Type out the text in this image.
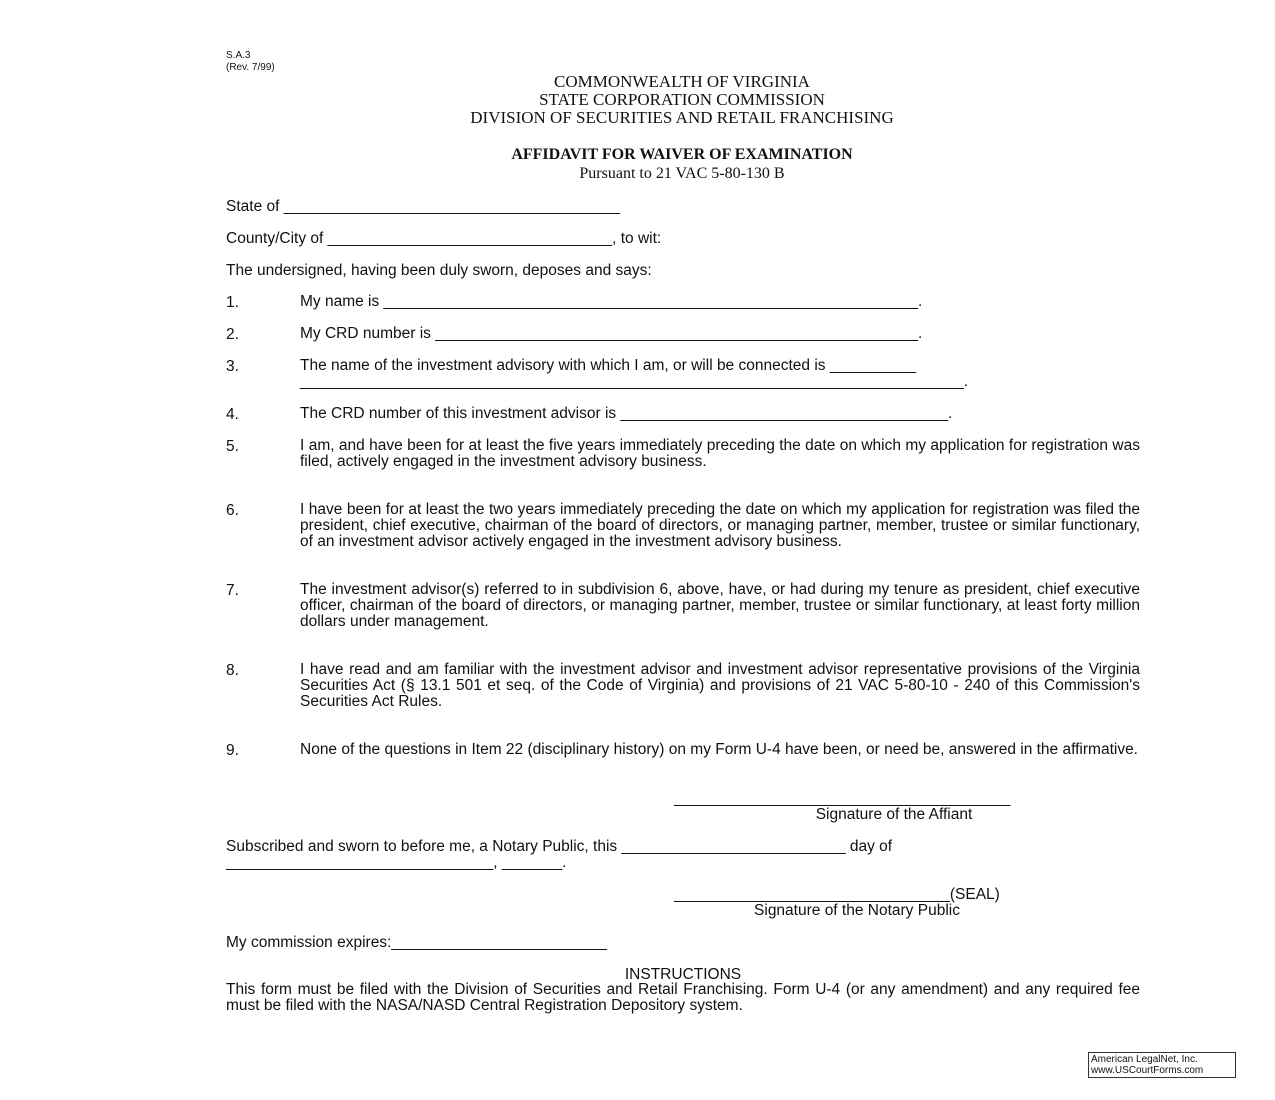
S.A.3
(Rev. 7/99)
COMMONWEALTH OF VIRGINIA
STATE CORPORATION COMMISSION
DIVISION OF SECURITIES AND RETAIL FRANCHISING
AFFIDAVIT FOR WAIVER OF EXAMINATION
Pursuant to 21 VAC 5-80-130 B
State of _______________________________________
County/City of _________________________________, to wit:
The undersigned, having been duly sworn, deposes and says:
1.	My name is ______________________________________________________________.
2.	My CRD number is ________________________________________________________.
3.	The name of the investment advisory with which I am, or will be connected is __________
_____________________________________________________________________________.
4.	The CRD number of this investment advisor is ______________________________________.
5.	I am, and have been for at least the five years immediately preceding the date on which my application for registration was filed, actively engaged in the investment advisory business.
6.	I have been for at least the two years immediately preceding the date on which my application for registration was filed the president, chief executive, chairman of the board of directors, or managing partner, member, trustee or similar functionary, of an investment advisor actively engaged in the investment advisory business.
7.	The investment advisor(s) referred to in subdivision 6, above, have, or had during my tenure as president, chief executive officer, chairman of the board of directors, or managing partner, member, trustee or similar functionary, at least forty million dollars under management.
8.	I have read and am familiar with the investment advisor and investment advisor representative provisions of the Virginia Securities Act (§ 13.1 501 et seq. of the Code of Virginia) and provisions of 21 VAC 5-80-10 - 240 of this Commission's Securities Act Rules.
9.	None of the questions in Item 22 (disciplinary history) on my Form U-4 have been, or need be, answered in the affirmative.
_______________________________________
Signature of the Affiant
Subscribed and sworn to before me, a Notary Public, this __________________________ day of
_______________________________, _______.
________________________________(SEAL)
Signature of the Notary Public
My commission expires:_________________________
INSTRUCTIONS
This form must be filed with the Division of Securities and Retail Franchising. Form U-4 (or any amendment) and any required fee must be filed with the NASA/NASD Central Registration Depository system.
American LegalNet, Inc.
www.USCourtForms.com
